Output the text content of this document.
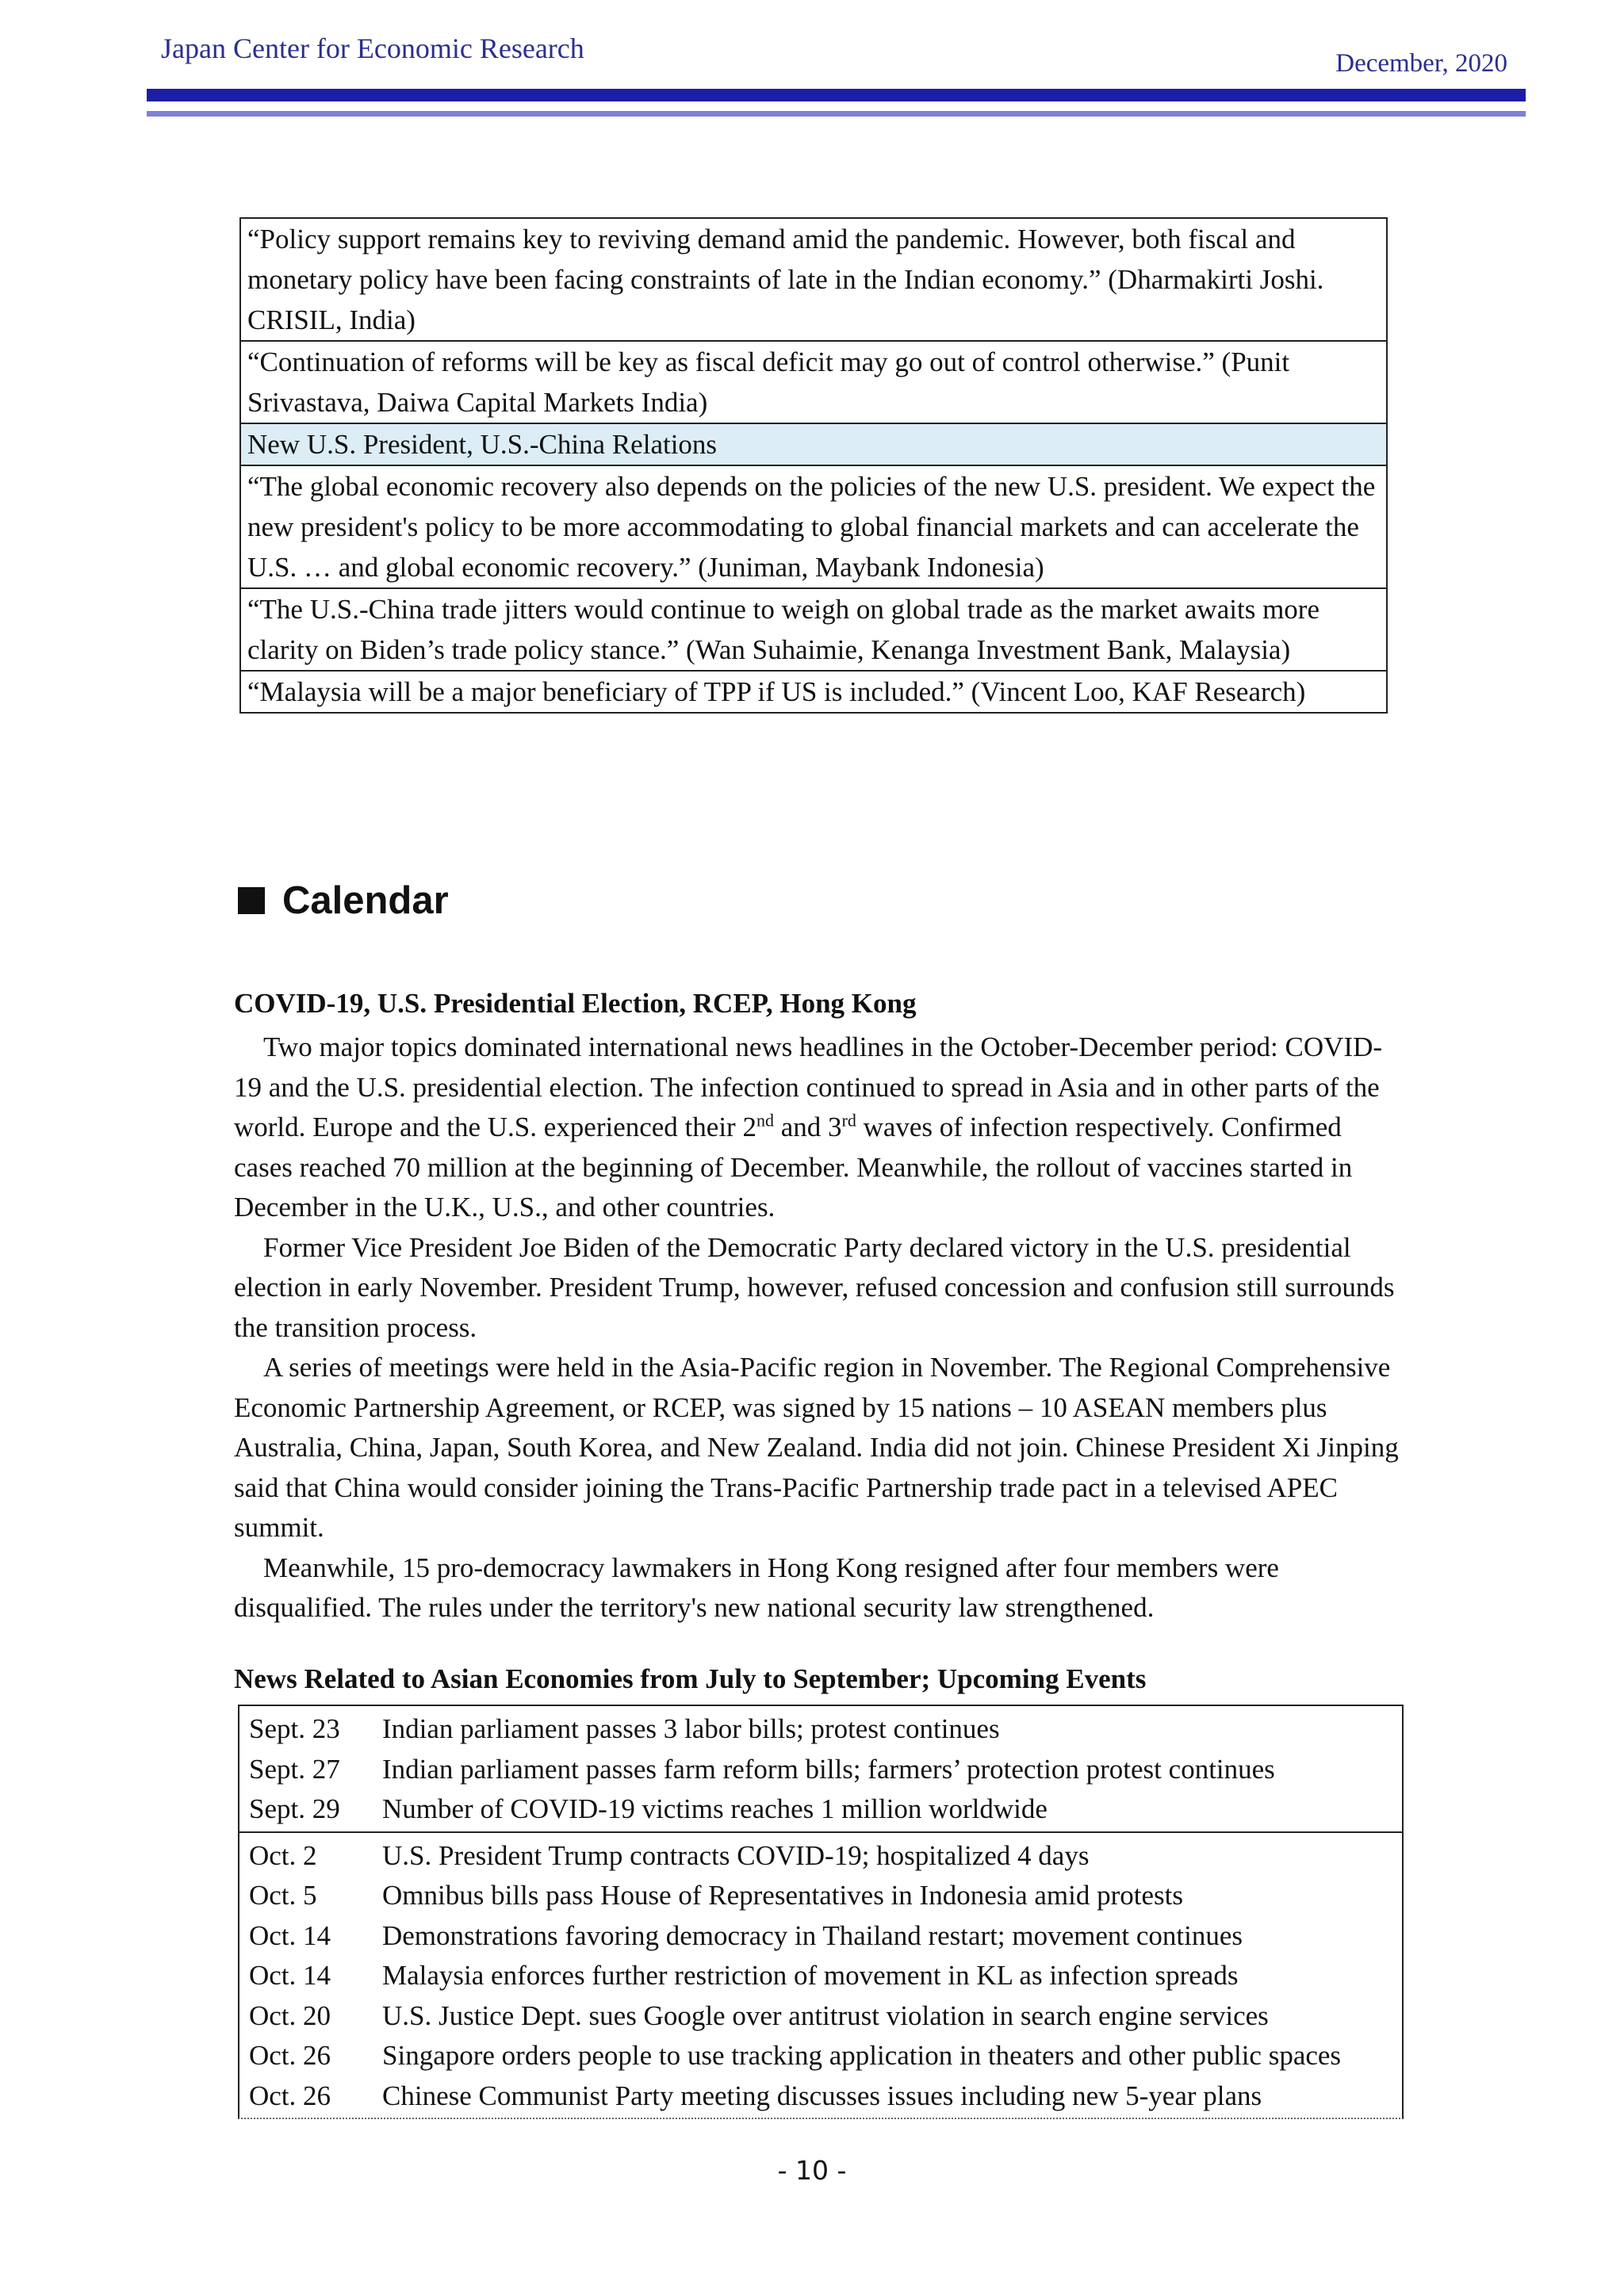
Japan Center for Economic Research	December, 2020
“Policy support remains key to reviving demand amid the pandemic. However, both fiscal and monetary policy have been facing constraints of late in the Indian economy.” (Dharmakirti Joshi. CRISIL, India)
“Continuation of reforms will be key as fiscal deficit may go out of control otherwise.” (Punit Srivastava, Daiwa Capital Markets India)
New U.S. President, U.S.-China Relations
“The global economic recovery also depends on the policies of the new U.S. president. We expect the new president's policy to be more accommodating to global financial markets and can accelerate the U.S. … and global economic recovery.” (Juniman, Maybank Indonesia)
“The U.S.-China trade jitters would continue to weigh on global trade as the market awaits more clarity on Biden’s trade policy stance.” (Wan Suhaimie, Kenanga Investment Bank, Malaysia)
“Malaysia will be a major beneficiary of TPP if US is included.” (Vincent Loo, KAF Research)
Calendar
COVID-19, U.S. Presidential Election, RCEP, Hong Kong

Two major topics dominated international news headlines in the October-December period: COVID-19 and the U.S. presidential election. The infection continued to spread in Asia and in other parts of the world. Europe and the U.S. experienced their 2nd and 3rd waves of infection respectively. Confirmed cases reached 70 million at the beginning of December. Meanwhile, the rollout of vaccines started in December in the U.K., U.S., and other countries.

Former Vice President Joe Biden of the Democratic Party declared victory in the U.S. presidential election in early November. President Trump, however, refused concession and confusion still surrounds the transition process.

A series of meetings were held in the Asia-Pacific region in November. The Regional Comprehensive Economic Partnership Agreement, or RCEP, was signed by 15 nations – 10 ASEAN members plus Australia, China, Japan, South Korea, and New Zealand. India did not join. Chinese President Xi Jinping said that China would consider joining the Trans-Pacific Partnership trade pact in a televised APEC summit.

Meanwhile, 15 pro-democracy lawmakers in Hong Kong resigned after four members were disqualified. The rules under the territory's new national security law strengthened.

News Related to Asian Economies from July to September; Upcoming Events
Sept. 23	Indian parliament passes 3 labor bills; protest continues
Sept. 27	Indian parliament passes farm reform bills; farmers’ protection protest continues
Sept. 29	Number of COVID-19 victims reaches 1 million worldwide
Oct. 2	U.S. President Trump contracts COVID-19; hospitalized 4 days
Oct. 5	Omnibus bills pass House of Representatives in Indonesia amid protests
Oct. 14	Demonstrations favoring democracy in Thailand restart; movement continues
Oct. 14	Malaysia enforces further restriction of movement in KL as infection spreads
Oct. 20	U.S. Justice Dept. sues Google over antitrust violation in search engine services
Oct. 26	Singapore orders people to use tracking application in theaters and other public spaces
Oct. 26	Chinese Communist Party meeting discusses issues including new 5-year plans
- 10 -
